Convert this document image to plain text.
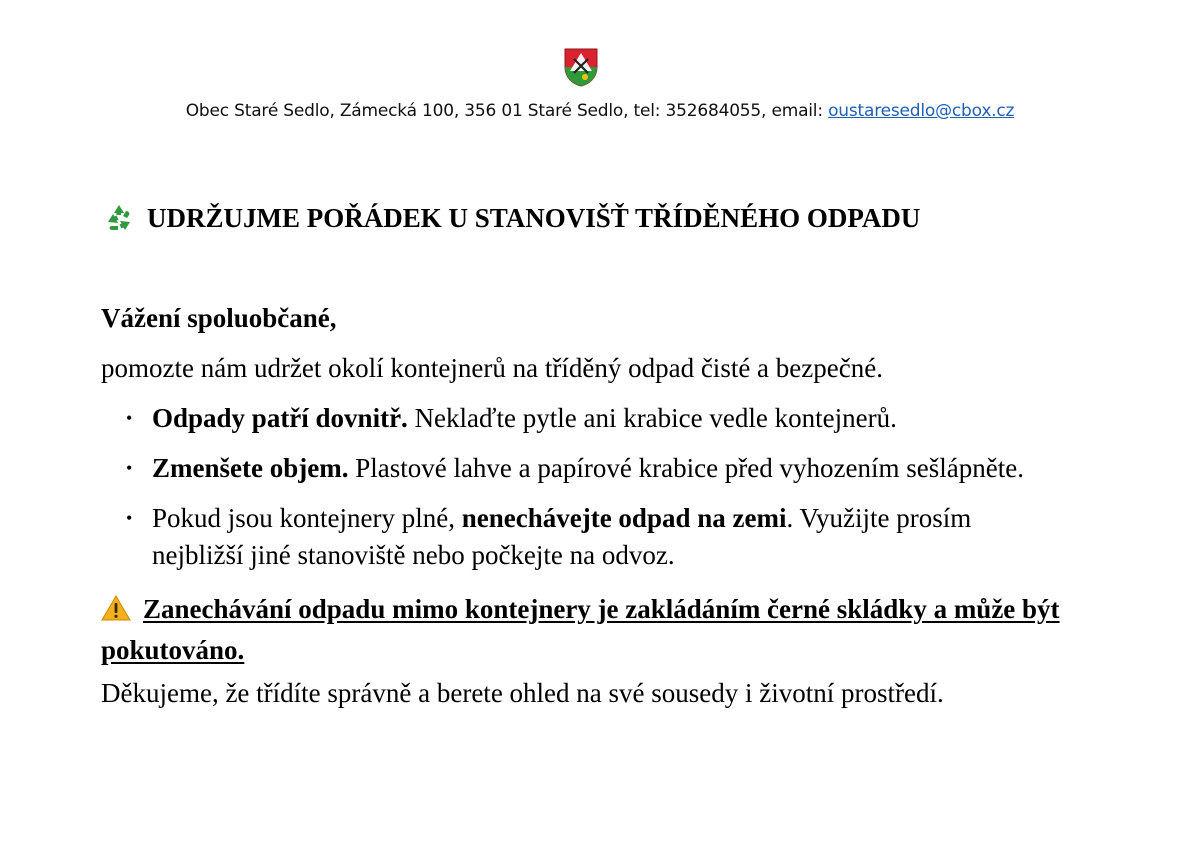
Obec Staré Sedlo, Zámecká 100, 356 01 Staré Sedlo, tel: 352684055, email: oustaresedlo@cbox.cz
UDRŽUJME POŘÁDEK U STANOVIŠŤ TŘÍDĚNÉHO ODPADU
Vážení spoluobčané,
pomozte nám udržet okolí kontejnerů na tříděný odpad čisté a bezpečné.
• Odpady patří dovnitř. Neklaďte pytle ani krabice vedle kontejnerů.
• Zmenšete objem. Plastové lahve a papírové krabice před vyhozením sešlápněte.
• Pokud jsou kontejnery plné, nenechávejte odpad na zemi. Využijte prosím nejbližší jiné stanoviště nebo počkejte na odvoz.
Zanechávání odpadu mimo kontejnery je zakládáním černé skládky a může být pokutováno.
Děkujeme, že třídíte správně a berete ohled na své sousedy i životní prostředí.
